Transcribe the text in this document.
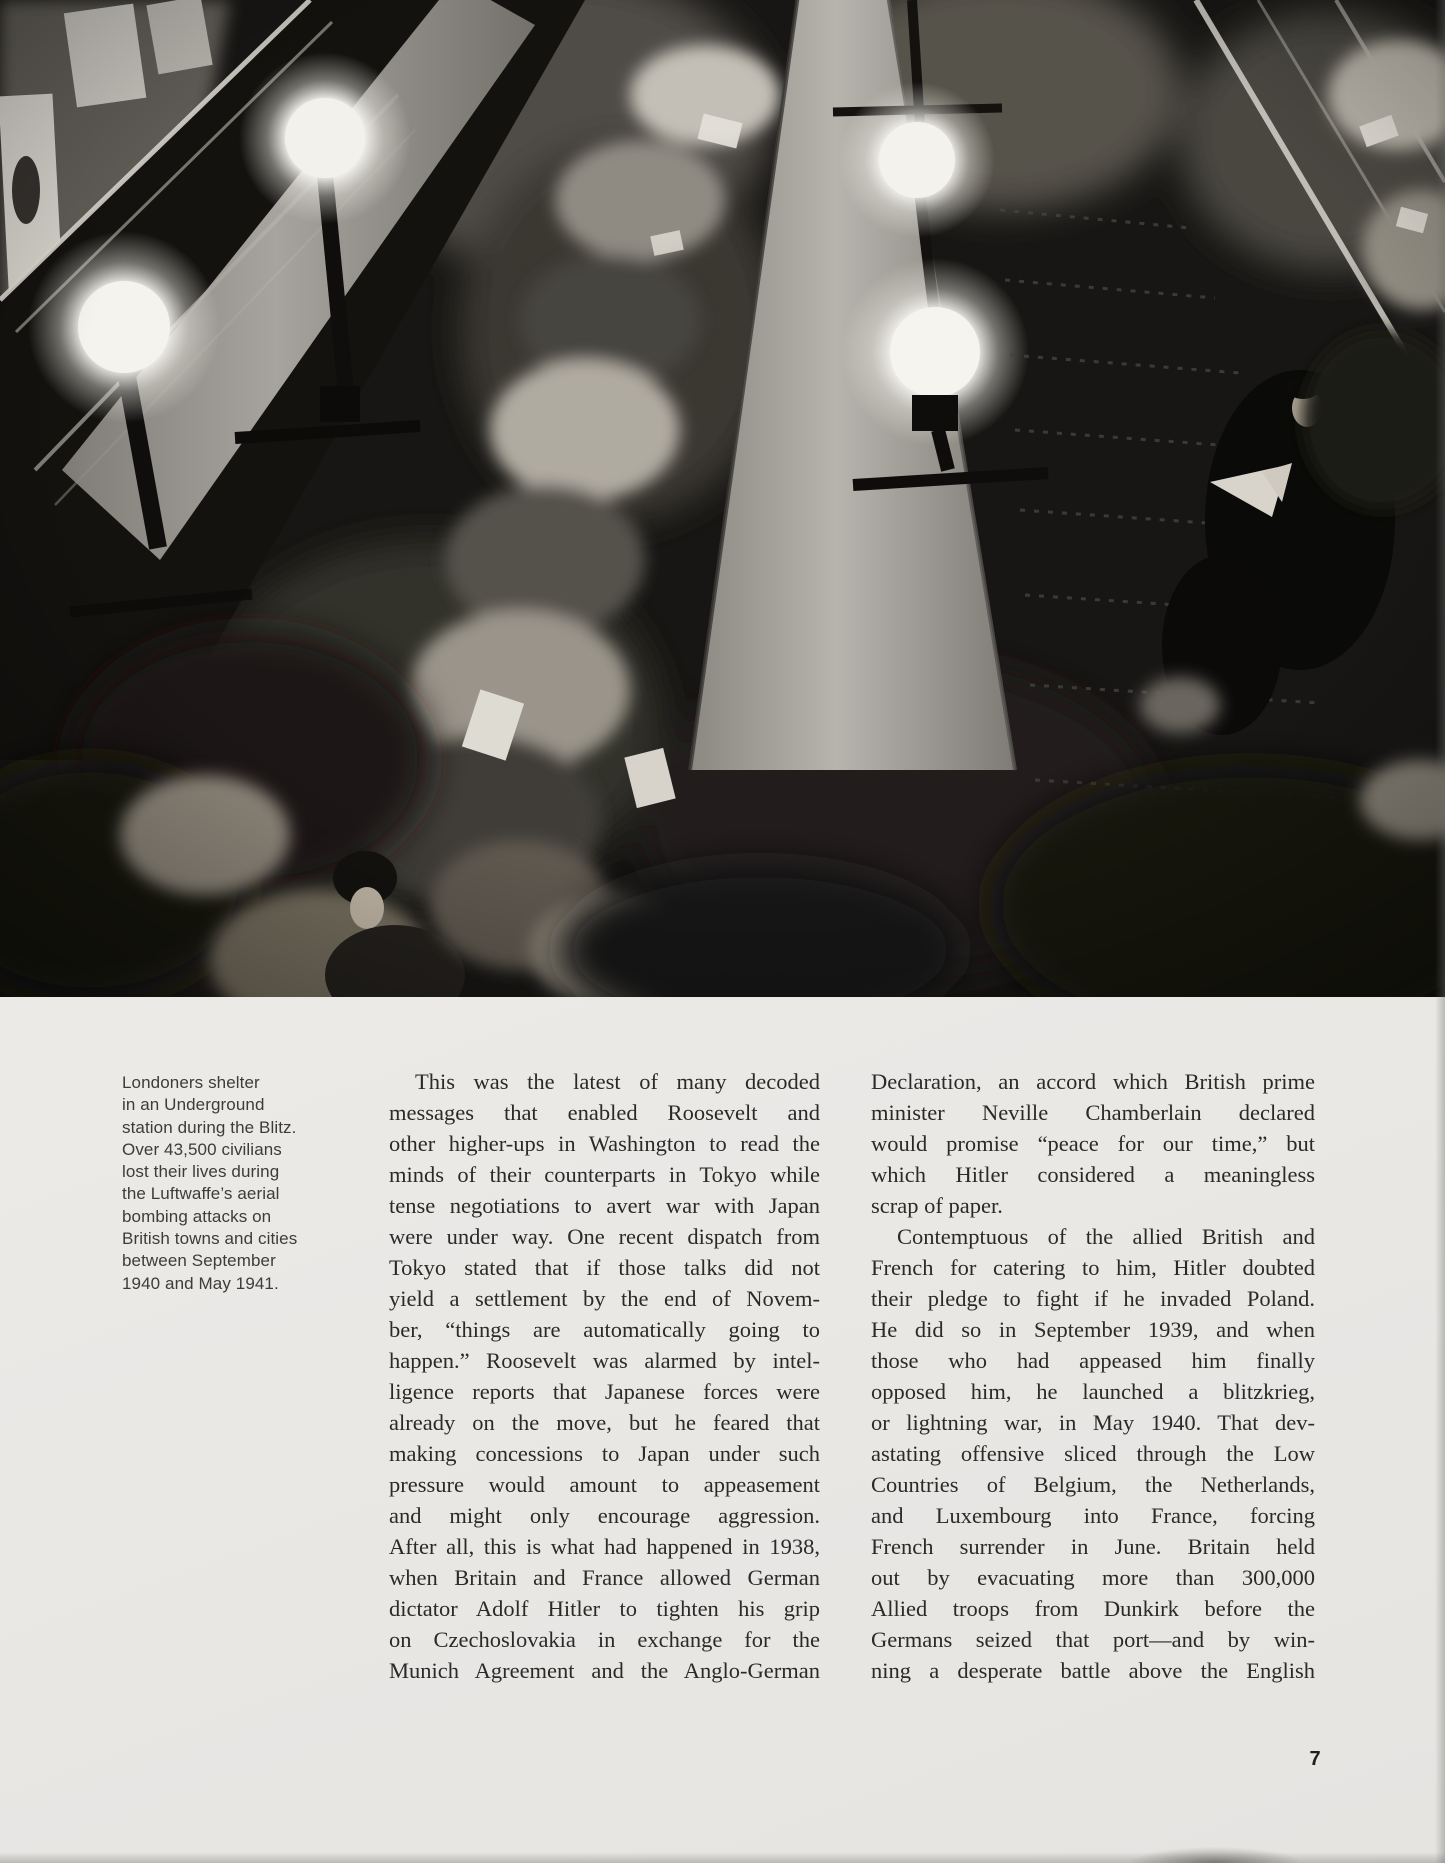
Londoners shelter
in an Underground
station during the Blitz.
Over 43,500 civilians
lost their lives during
the Luftwaffe’s aerial
bombing attacks on
British towns and cities
between September
1940 and May 1941.
This was the latest of many decoded
messages that enabled Roosevelt and
other higher-ups in Washington to read the
minds of their counterparts in Tokyo while
tense negotiations to avert war with Japan
were under way. One recent dispatch from
Tokyo stated that if those talks did not
yield a settlement by the end of Novem-
ber, “things are automatically going to
happen.” Roosevelt was alarmed by intel-
ligence reports that Japanese forces were
already on the move, but he feared that
making concessions to Japan under such
pressure would amount to appeasement
and might only encourage aggression.
After all, this is what had happened in 1938,
when Britain and France allowed German
dictator Adolf Hitler to tighten his grip
on Czechoslovakia in exchange for the
Munich Agreement and the Anglo-German
Declaration, an accord which British prime
minister Neville Chamberlain declared
would promise “peace for our time,” but
which Hitler considered a meaningless
scrap of paper.
Contemptuous of the allied British and
French for catering to him, Hitler doubted
their pledge to fight if he invaded Poland.
He did so in September 1939, and when
those who had appeased him finally
opposed him, he launched a blitzkrieg,
or lightning war, in May 1940. That dev-
astating offensive sliced through the Low
Countries of Belgium, the Netherlands,
and Luxembourg into France, forcing
French surrender in June. Britain held
out by evacuating more than 300,000
Allied troops from Dunkirk before the
Germans seized that port—and by win-
ning a desperate battle above the English
7
